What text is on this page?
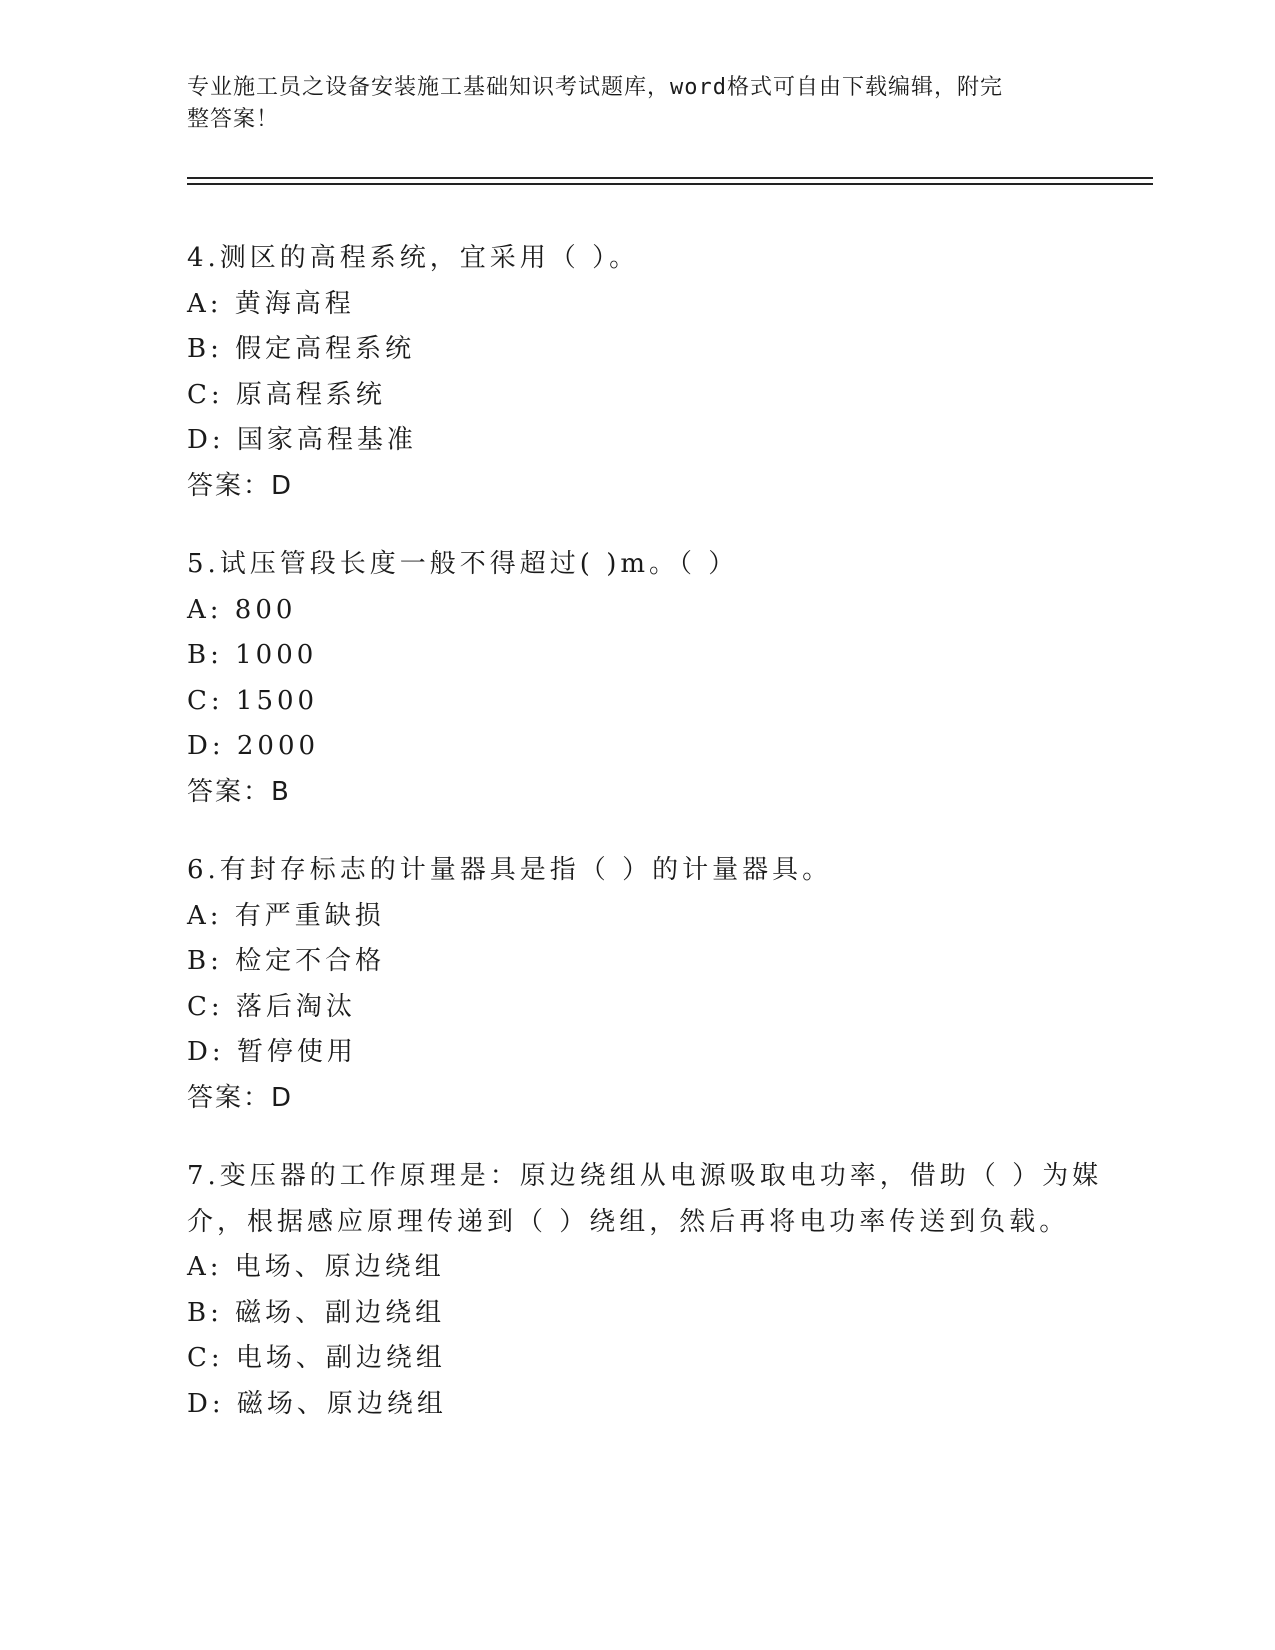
专业施工员之设备安装施工基础知识考试题库，word格式可自由下载编辑，附完
整答案！
4.测区的高程系统，宜采用（ ）。
A: 黄海高程
B: 假定高程系统
C: 原高程系统
D: 国家高程基准
答案：D
5.试压管段长度一般不得超过( )m。（ ）
A: 800
B: 1000
C: 1500
D: 2000
答案：B
6.有封存标志的计量器具是指（ ）的计量器具。
A: 有严重缺损
B: 检定不合格
C: 落后淘汰
D: 暂停使用
答案：D
7.变压器的工作原理是：原边绕组从电源吸取电功率，借助（ ）为媒
介，根据感应原理传递到（ ）绕组，然后再将电功率传送到负载。
A: 电场、原边绕组
B: 磁场、副边绕组
C: 电场、副边绕组
D: 磁场、原边绕组
